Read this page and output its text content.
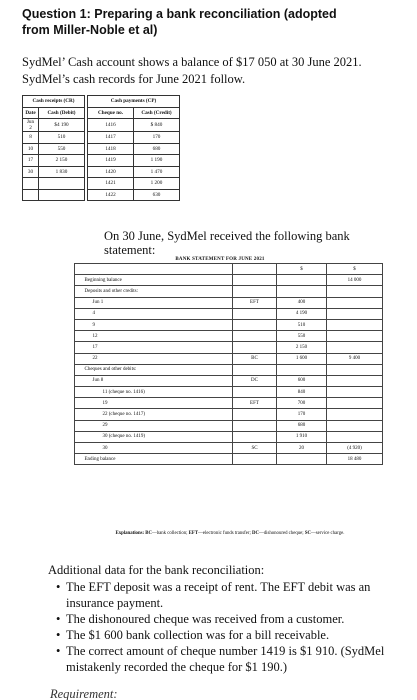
Question 1: Preparing a bank reconciliation (adopted
from Miller-Noble et al)
SydMel’ Cash account shows a balance of $17 050 at 30 June 2021. SydMel’s cash records for June 2021 follow.
Cash receipts (CR)			Cash payments (CP)	
Date	Cash (Debit)		Cheque no.	Cash (Credit)
Jun 2	$4 190		1416	$ 840
8	510		1417	170
10	550		1418	680
17	2 150		1419	1 190
30	1 830		1420	1 470
			1421	1 200
			1422	630
On 30 June, SydMel received the following bank statement:
BANK STATEMENT FOR JUNE 2021
			$	$
	Beginning balance			14 000
	Deposits and other credits:			
	Jun 1	EFT	400	
	4		4 190	
	9		510	
	12		550	
	17		2 150	
	22	BC	1 600	9 400
	Cheques and other debits:			
	Jun 8	DC	600	
	11 (cheque no. 1416)		840	
	19	EFT	700	
	22 (cheque no. 1417)		170	
	29		680	
	30 (cheque no. 1419)		1 910	
	30	SC	20	(4 920)
	Ending balance			18 480
Explanations: BC—bank collection; EFT—electronic funds transfer; DC—dishonoured cheque; SC—service charge.
Additional data for the bank reconciliation:
• The EFT deposit was a receipt of rent. The EFT debit was an insurance payment.
• The dishonoured cheque was received from a customer.
• The $1 600 bank collection was for a bill receivable.
• The correct amount of cheque number 1419 is $1 910. (SydMel mistakenly recorded the cheque for $1 190.)
Requirement:
